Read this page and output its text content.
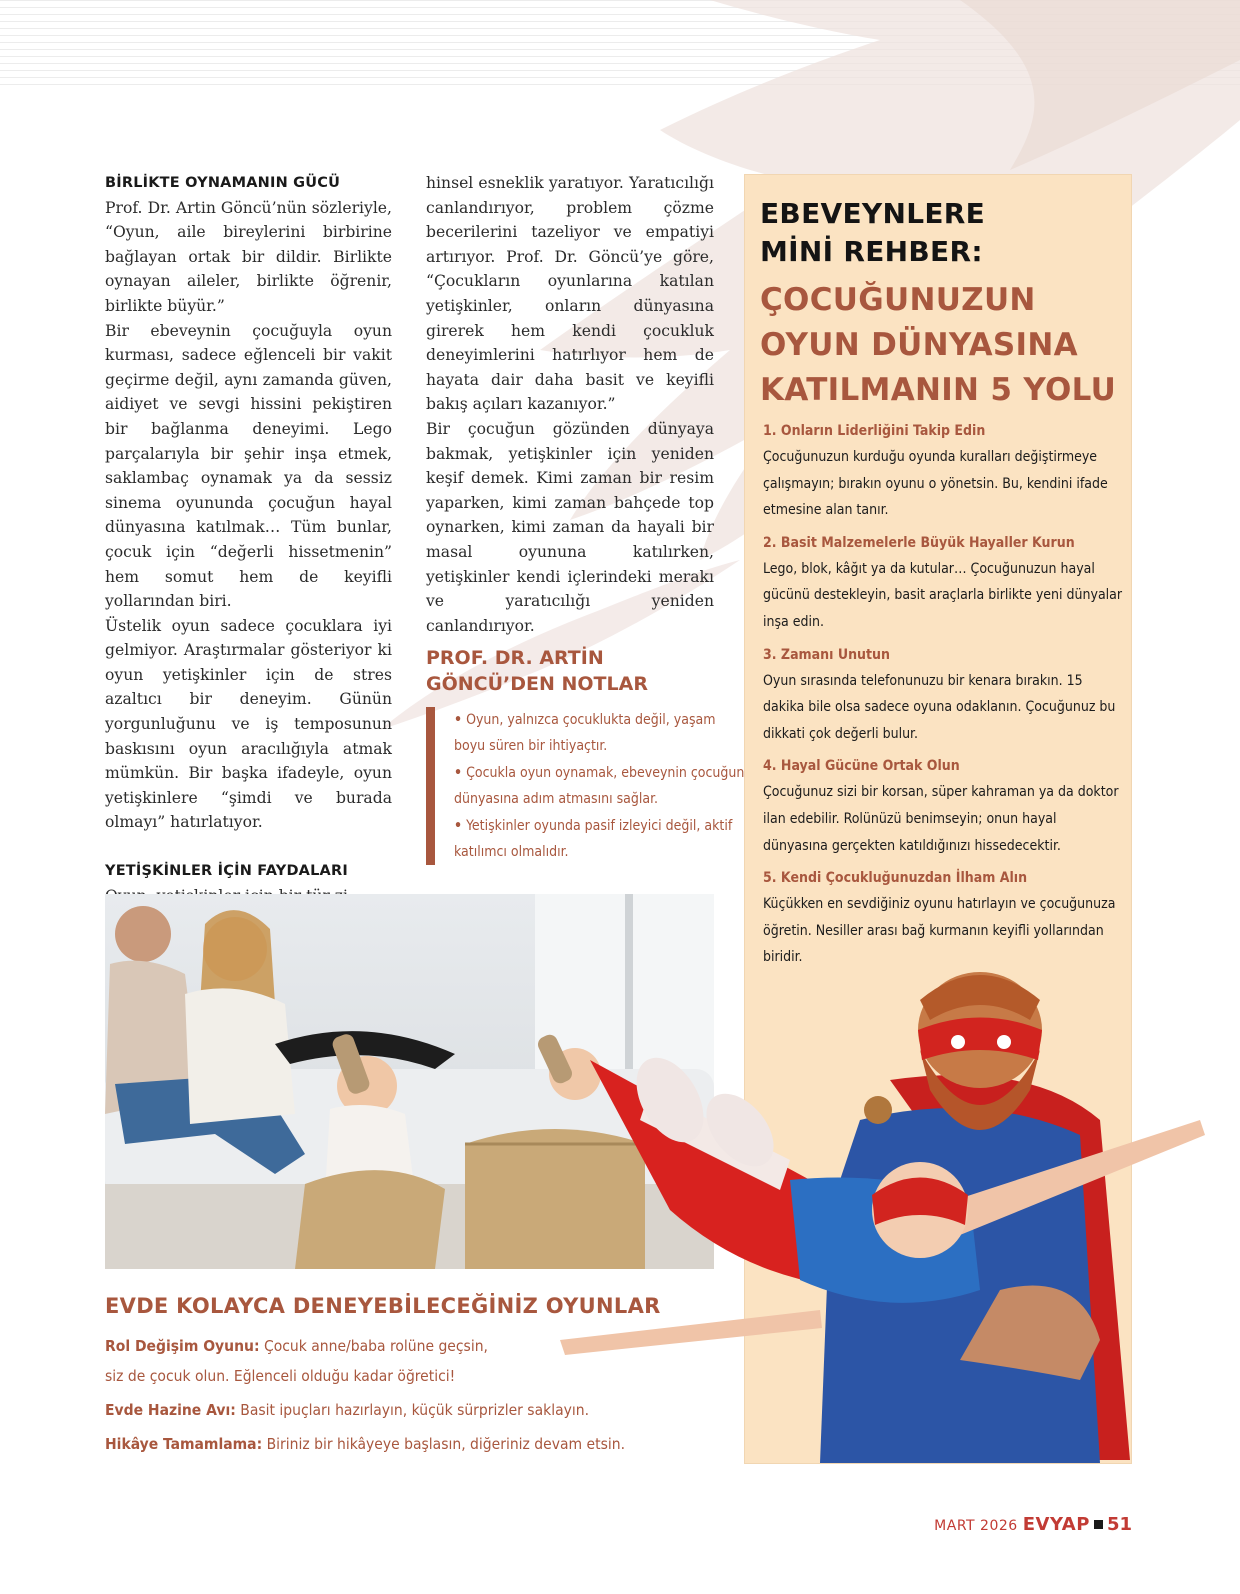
BİRLİKTE OYNAMANIN GÜCÜ

Prof. Dr. Artin Göncü’nün sözleriyle, “Oyun, aile bireylerini birbirine bağlayan ortak bir dildir. Birlikte oynayan aileler, birlikte öğrenir, birlikte büyür.”

Bir ebeveynin çocuğuyla oyun kurması, sadece eğlenceli bir vakit geçirme değil, aynı zamanda güven, aidiyet ve sevgi hissini pekiştiren bir bağlanma deneyimi. Lego parçalarıyla bir şehir inşa etmek, saklambaç oynamak ya da sessiz sinema oyununda çocuğun hayal dünyasına katılmak… Tüm bunlar, çocuk için “değerli hissetmenin” hem somut hem de keyifli yollarından biri.

Üstelik oyun sadece çocuklara iyi gelmiyor. Araştırmalar gösteriyor ki oyun yetişkinler için de stres azaltıcı bir deneyim. Günün yorgunluğunu ve iş temposunun baskısını oyun aracılığıyla atmak mümkün. Bir başka ifadeyle, oyun yetişkinlere “şimdi ve burada olmayı” hatırlatıyor.

YETİŞKİNLER İÇİN FAYDALARI

hinsel esneklik yaratıyor. Yaratıcılığı canlandırıyor, problem çözme becerilerini tazeliyor ve empatiyi artırıyor. Prof. Dr. Göncü’ye göre, “Çocukların oyunlarına katılan yetişkinler, onların dünyasına girerek hem kendi çocukluk deneyimlerini hatırlıyor hem de hayata dair daha basit ve keyifli bakış açıları kazanıyor.”

Bir çocuğun gözünden dünyaya bakmak, yetişkinler için yeniden keşif demek. Kimi zaman bir resim yaparken, kimi zaman bahçede top oynarken, kimi zaman da hayali bir masal oyununa katılırken, yetişkinler kendi içlerindeki merakı ve yaratıcılığı yeniden canlandırıyor.

PROF. DR. ARTİN
GÖNCÜ’DEN NOTLAR
• Oyun, yalnızca çocuklukta değil, yaşam boyu süren bir ihtiyaçtır.
• Çocukla oyun oynamak, ebeveynin çocuğun dünyasına adım atmasını sağlar.
• Yetişkinler oyunda pasif izleyici değil, aktif katılımcı olmalıdır.
EBEVEYNLERE
MİNİ REHBER:
ÇOCUĞUNUZUN
OYUN DÜNYASINA
KATILMANIN 5 YOLU
1. Onların Liderliğini Takip Edin
Çocuğunuzun kurduğu oyunda kuralları değiştirmeye çalışmayın; bırakın oyunu o yönetsin. Bu, kendini ifade etmesine alan tanır.
2. Basit Malzemelerle Büyük Hayaller Kurun
Lego, blok, kâğıt ya da kutular… Çocuğunuzun hayal gücünü destekleyin, basit araçlarla birlikte yeni dünyalar inşa edin.
3. Zamanı Unutun
Oyun sırasında telefonunuzu bir kenara bırakın. 15 dakika bile olsa sadece oyuna odaklanın. Çocuğunuz bu dikkati çok değerli bulur.
4. Hayal Gücüne Ortak Olun
Çocuğunuz sizi bir korsan, süper kahraman ya da doktor ilan edebilir. Rolünüzü benimseyin; onun hayal dünyasına gerçekten katıldığınızı hissedecektir.
5. Kendi Çocukluğunuzdan İlham Alın
Küçükken en sevdiğiniz oyunu hatırlayın ve çocuğunuza öğretin. Nesiller arası bağ kurmanın keyifli yollarından biridir.
EVDE KOLAYCA DENEYEBİLECEĞİNİZ OYUNLAR
Rol Değişim Oyunu: Çocuk anne/baba rolüne geçsin,
siz de çocuk olun. Eğlenceli olduğu kadar öğretici!
Evde Hazine Avı: Basit ipuçları hazırlayın, küçük sürprizler saklayın.
Hikâye Tamamlama: Biriniz bir hikâyeye başlasın, diğeriniz devam etsin.
MART 2026 EVYAP 51
